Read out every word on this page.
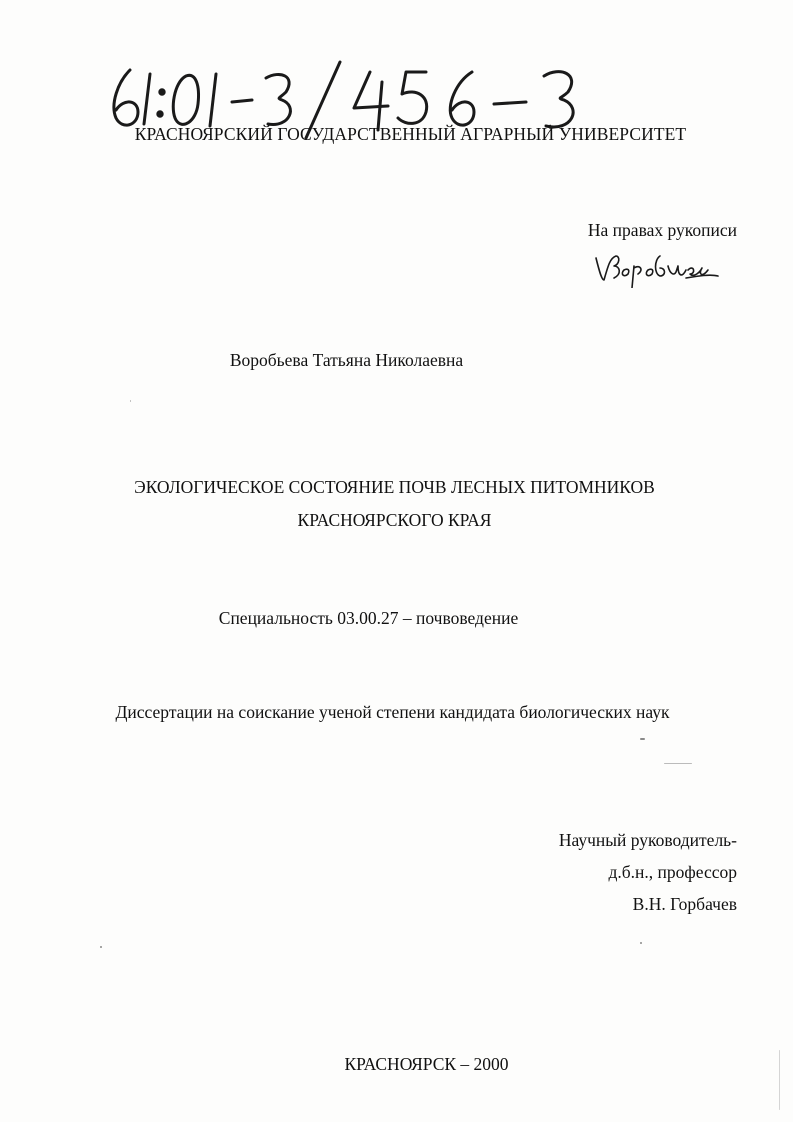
КРАСНОЯРСКИЙ ГОСУДАРСТВЕННЫЙ АГРАРНЫЙ УНИВЕРСИТЕТ
На правах рукописи
Воробьева Татьяна Николаевна
ЭКОЛОГИЧЕСКОЕ СОСТОЯНИЕ ПОЧВ ЛЕСНЫХ ПИТОМНИКОВ
КРАСНОЯРСКОГО КРАЯ
Специальность 03.00.27 – почвоведение
Диссертации на соискание ученой степени кандидата биологических наук
Научный руководитель-
д.б.н., профессор
В.Н. Горбачев
КРАСНОЯРСК – 2000
